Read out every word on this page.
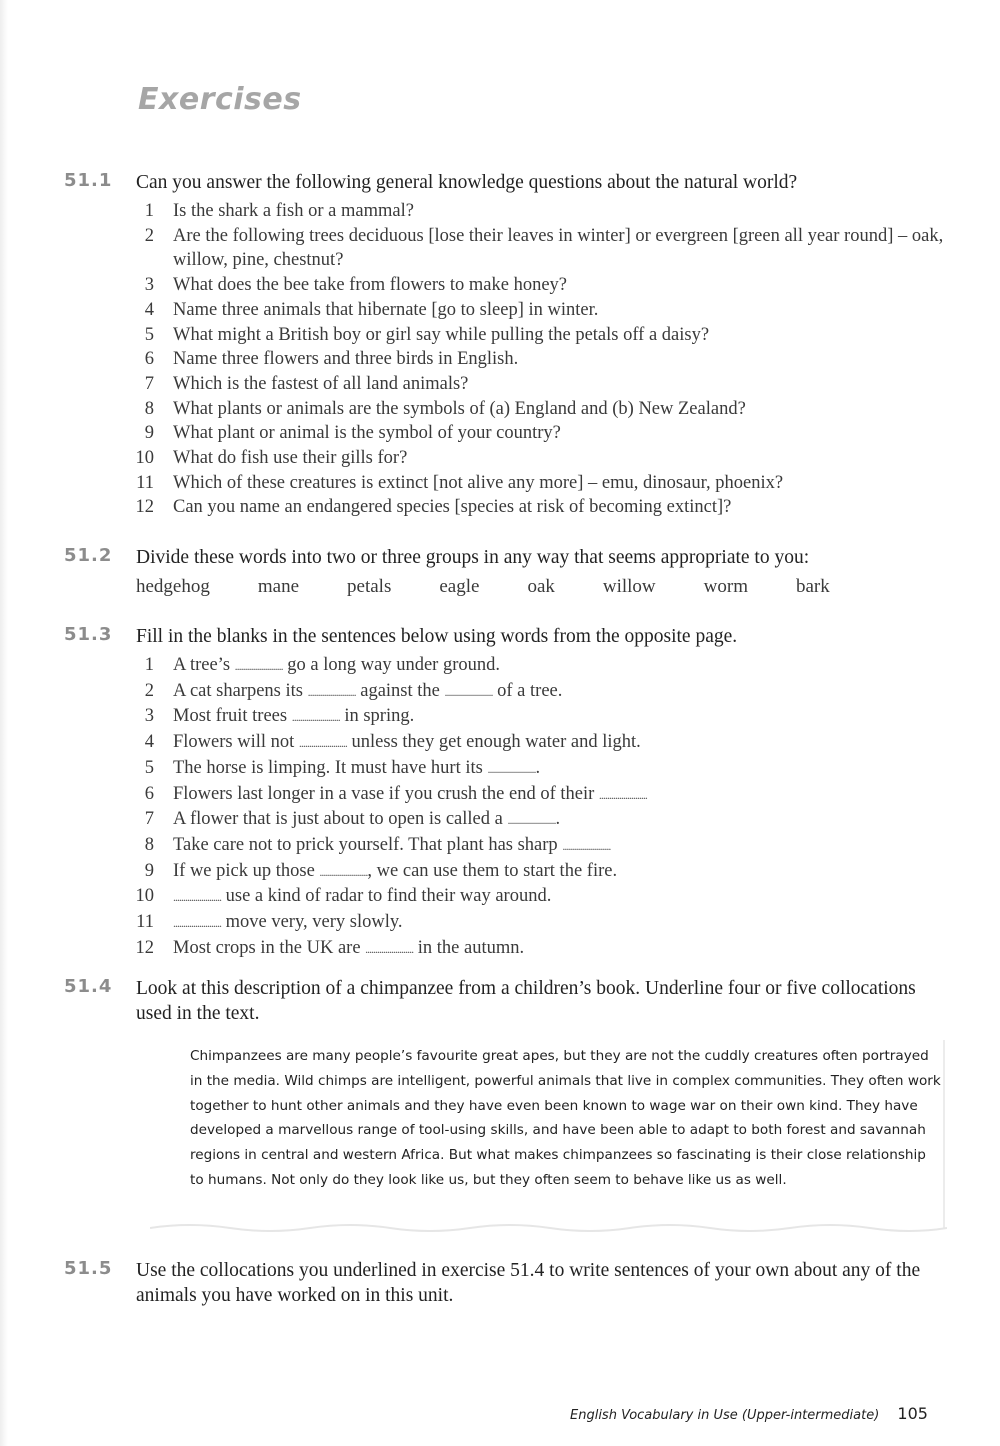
Exercises
51.1 Can you answer the following general knowledge questions about the natural world?
1 Is the shark a fish or a mammal?
2 Are the following trees deciduous [lose their leaves in winter] or evergreen [green all year round] – oak, willow, pine, chestnut?
3 What does the bee take from flowers to make honey?
4 Name three animals that hibernate [go to sleep] in winter.
5 What might a British boy or girl say while pulling the petals off a daisy?
6 Name three flowers and three birds in English.
7 Which is the fastest of all land animals?
8 What plants or animals are the symbols of (a) England and (b) New Zealand?
9 What plant or animal is the symbol of your country?
10 What do fish use their gills for?
11 Which of these creatures is extinct [not alive any more] – emu, dinosaur, phoenix?
12 Can you name an endangered species [species at risk of becoming extinct]?
51.2 Divide these words into two or three groups in any way that seems appropriate to you:
hedgehog	mane	petals	eagle	oak	willow	worm	bark
51.3 Fill in the blanks in the sentences below using words from the opposite page.
1 A tree’s ........................ go a long way under ground.
2 A cat sharpens its ........................ against the ........................ of a tree.
3 Most fruit trees ........................ in spring.
4 Flowers will not ........................ unless they get enough water and light.
5 The horse is limping. It must have hurt its .........................
6 Flowers last longer in a vase if you crush the end of their ........................
7 A flower that is just about to open is called a .........................
8 Take care not to prick yourself. That plant has sharp ........................
9 If we pick up those ........................, we can use them to start the fire.
10 ........................ use a kind of radar to find their way around.
11 ........................ move very, very slowly.
12 Most crops in the UK are ........................ in the autumn.
51.4 Look at this description of a chimpanzee from a children’s book. Underline four or five collocations used in the text.
Chimpanzees are many people’s favourite great apes, but they are not the cuddly creatures often portrayed in the media. Wild chimps are intelligent, powerful animals that live in complex communities. They often work together to hunt other animals and they have even been known to wage war on their own kind. They have developed a marvellous range of tool-using skills, and have been able to adapt to both forest and savannah regions in central and western Africa. But what makes chimpanzees so fascinating is their close relationship to humans. Not only do they look like us, but they often seem to behave like us as well.
51.5 Use the collocations you underlined in exercise 51.4 to write sentences of your own about any of the animals you have worked on in this unit.
English Vocabulary in Use (Upper-intermediate) 105
